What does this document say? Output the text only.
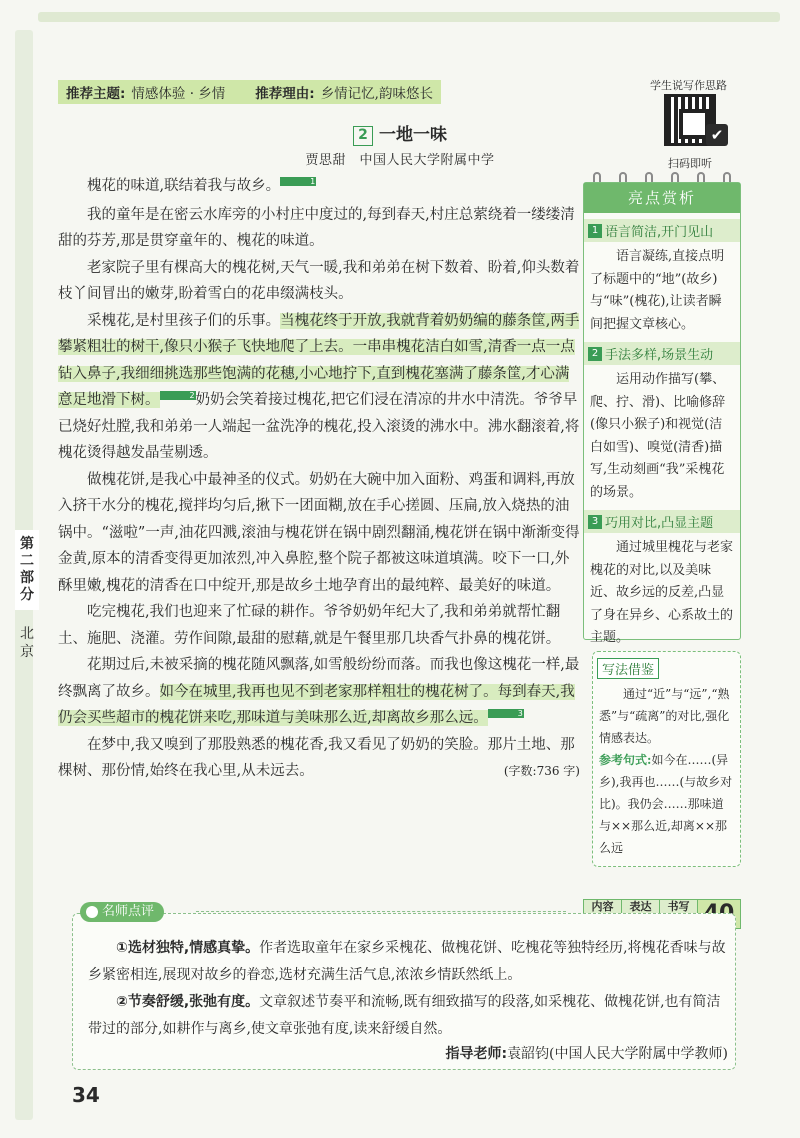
推荐主题: 情感体验 · 乡情 推荐理由: 乡情记忆,韵味悠长
学生说写作思路
✔
扫码即听
2 一地一味
贾思甜　中国人民大学附属中学

槐花的味道,联结着我与故乡。	1

我的童年是在密云水库旁的小村庄中度过的,每到春天,村庄总萦绕着一缕缕清甜的芬芳,那是贯穿童年的、槐花的味道。

老家院子里有棵高大的槐花树,天气一暖,我和弟弟在树下数着、盼着,仰头数着枝丫间冒出的嫩芽,盼着雪白的花串缀满枝头。

采槐花,是村里孩子们的乐事。当槐花终于开放,我就背着奶奶编的藤条筐,两手攀紧粗壮的树干,像只小猴子飞快地爬了上去。一串串槐花洁白如雪,清香一点一点钻入鼻子,我细细挑选那些饱满的花穗,小心地拧下,直到槐花塞满了藤条筐,才心满意足地滑下树。	2奶奶会笑着接过槐花,把它们浸在清凉的井水中清洗。爷爷早已烧好灶膛,我和弟弟一人端起一盆洗净的槐花,投入滚烫的沸水中。沸水翻滚着,将槐花烫得越发晶莹剔透。

做槐花饼,是我心中最神圣的仪式。奶奶在大碗中加入面粉、鸡蛋和调料,再放入挤干水分的槐花,搅拌均匀后,揪下一团面糊,放在手心搓圆、压扁,放入烧热的油锅中。“滋啦”一声,油花四溅,滚油与槐花饼在锅中剧烈翻涌,槐花饼在锅中渐渐变得金黄,原本的清香变得更加浓烈,冲入鼻腔,整个院子都被这味道填满。咬下一口,外酥里嫩,槐花的清香在口中绽开,那是故乡土地孕育出的最纯粹、最美好的味道。

吃完槐花,我们也迎来了忙碌的耕作。爷爷奶奶年纪大了,我和弟弟就帮忙翻土、施肥、浇灌。劳作间隙,最甜的慰藉,就是午餐里那几块香气扑鼻的槐花饼。

花期过后,未被采摘的槐花随风飘落,如雪般纷纷而落。而我也像这槐花一样,最终飘离了故乡。如今在城里,我再也见不到老家那样粗壮的槐花树了。每到春天,我仍会买些超市的槐花饼来吃,那味道与美味那么近,却离故乡那么远。	3

在梦中,我又嗅到了那股熟悉的槐花香,我又看见了奶奶的笑脸。那片土地、那棵树、那份情,始终在我心里,从未远去。	(字数:736 字)

第二部分
北京
亮点赏析
1 语言简洁,开门见山
语言凝练,直接点明了标题中的“地”(故乡)与“味”(槐花),让读者瞬间把握文章核心。
2 手法多样,场景生动
运用动作描写(攀、爬、拧、滑)、比喻修辞(像只小猴子)和视觉(洁白如雪)、嗅觉(清香)描写,生动刻画“我”采槐花的场景。
3 巧用对比,凸显主题
通过城里槐花与老家槐花的对比,以及美味近、故乡远的反差,凸显了身在异乡、心系故土的主题。
写法借鉴
通过“近”与“远”,“熟悉”与“疏离”的对比,强化情感表达。
参考句式:如今在……(异乡),我再也……(与故乡对比)。我仍会……那味道与××那么近,却离××那么远
内容	表达	书写
名师点评
①选材独特,情感真挚。作者选取童年在家乡采槐花、做槐花饼、吃槐花等独特经历,将槐花香味与故乡紧密相连,展现对故乡的眷恋,选材充满生活气息,浓浓乡情跃然纸上。
②节奏舒缓,张弛有度。文章叙述节奏平和流畅,既有细致描写的段落,如采槐花、做槐花饼,也有简洁带过的部分,如耕作与离乡,使文章张弛有度,读来舒缓自然。
指导老师:袁韶钧(中国人民大学附属中学教师)
34
